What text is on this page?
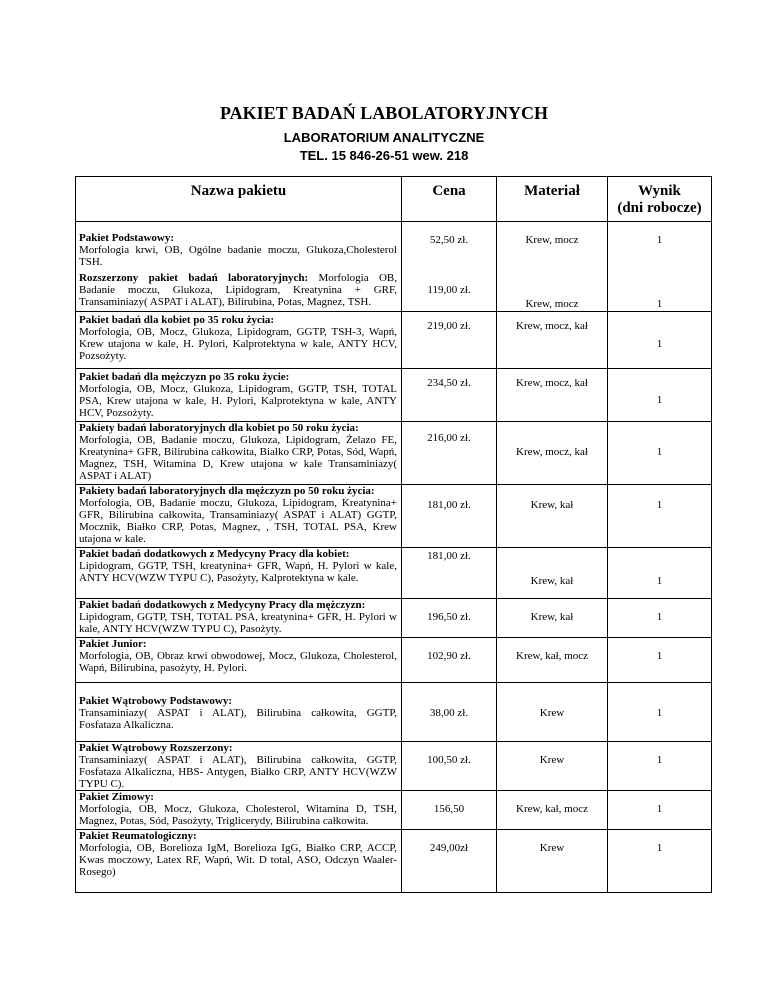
PAKIET BADAŃ LABOLATORYJNYCH
LABORATORIUM ANALITYCZNE
TEL. 15 846-26-51 wew. 218
Nazwa pakietu	Cena	Materiał	Wynik
(dni robocze)

Pakiet Podstawowy:
Morfologia krwi, OB, Ogólne badanie moczu, Glukoza,Cholesterol TSH.	52,50 zł.	Krew, mocz	1
Rozszerzony pakiet badań laboratoryjnych: Morfologia OB, Badanie moczu, Glukoza, Lipidogram, Kreatynina + GRF, Transaminiazy( ASPAT i ALAT), Bilirubina, Potas, Magnez, TSH.	119,00 zł.	Krew, mocz	1
Pakiet badań dla kobiet po 35 roku życia:
Morfologia, OB, Mocz, Glukoza, Lipidogram, GGTP, TSH-3, Wapń, Krew utajona w kale, H. Pylori, Kalprotektyna w kale, ANTY HCV, Pozsożyty.	219,00 zł.	Krew, mocz, kał	1
Pakiet badań dla mężczyzn po 35 roku życie:
Morfologia, OB, Mocz, Glukoza, Lipidogram, GGTP, TSH, TOTAL PSA, Krew utajona w kale, H. Pylori, Kalprotektyna w kale, ANTY HCV, Pozsożyty.	234,50 zł.	Krew, mocz, kał	1
Pakiety badań laboratoryjnych dla kobiet po 50 roku życia:
Morfologia, OB, Badanie moczu, Glukoza, Lipidogram, Żelazo FE, Kreatynina+ GFR, Bilirubina całkowita, Białko CRP, Potas, Sód, Wapń, Magnez, TSH, Witamina D, Krew utajona w kale Transaminiazy( ASPAT i ALAT)	216,00 zł.	Krew, mocz, kał	1
Pakiety badań laboratoryjnych dla mężczyzn po 50 roku życia:
Morfologia, OB, Badanie moczu, Glukoza, Lipidogram, Kreatynina+ GFR, Bilirubina całkowita, Transaminiazy( ASPAT i ALAT) GGTP, Mocznik, Białko CRP, Potas, Magnez, , TSH, TOTAL PSA, Krew utajona w kale.	181,00 zł.	Krew, kał	1
Pakiet badań dodatkowych z Medycyny Pracy dla kobiet:
Lipidogram, GGTP, TSH, kreatynina+ GFR, Wapń, H. Pylori w kale, ANTY HCV(WZW TYPU C), Pasożyty, Kalprotektyna w kale.	181,00 zł.	Krew, kał	1
Pakiet badań dodatkowych z Medycyny Pracy dla mężczyzn:
Lipidogram, GGTP, TSH, TOTAL PSA, kreatynina+ GFR, H. Pylori w kale, ANTY HCV(WZW TYPU C), Pasożyty.	196,50 zł.	Krew, kał	1
Pakiet Junior:
Morfologia, OB, Obraz krwi obwodowej, Mocz, Glukoza, Cholesterol, Wapń, Bilirubina, pasożyty, H. Pylori.	102,90 zł.	Krew, kał, mocz	1
Pakiet Wątrobowy Podstawowy:
Transaminiazy( ASPAT i ALAT), Bilirubina całkowita, GGTP, Fosfataza Alkaliczna.	38,00 zł.	Krew	1
Pakiet Wątrobowy Rozszerzony:
Transaminiazy( ASPAT i ALAT), Bilirubina całkowita, GGTP, Fosfataza Alkaliczna, HBS- Antygen, Białko CRP, ANTY HCV(WZW TYPU C).	100,50 zł.	Krew	1
Pakiet Zimowy:
Morfologia, OB, Mocz, Glukoza, Cholesterol, Witamina D, TSH, Magnez, Potas, Sód, Pasożyty, Triglicerydy, Bilirubina całkowita.	156,50	Krew, kał, mocz	1
Pakiet Reumatologiczny:
Morfologia, OB, Borelioza IgM, Borelioza IgG, Białko CRP, ACCP, Kwas moczowy, Latex RF, Wapń, Wit. D total, ASO, Odczyn Waaler-Rosego)	249,00zł	Krew	1
